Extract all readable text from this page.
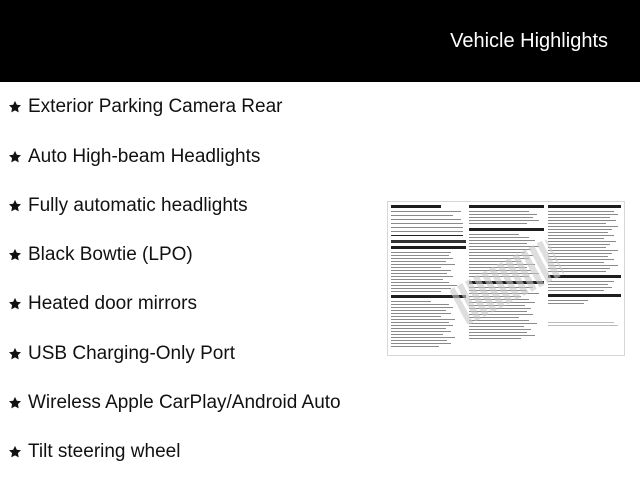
Vehicle Highlights
Exterior Parking Camera Rear
Auto High-beam Headlights
Fully automatic headlights
Black Bowtie (LPO)
Heated door mirrors
USB Charging-Only Port
Wireless Apple CarPlay/Android Auto
Tilt steering wheel
